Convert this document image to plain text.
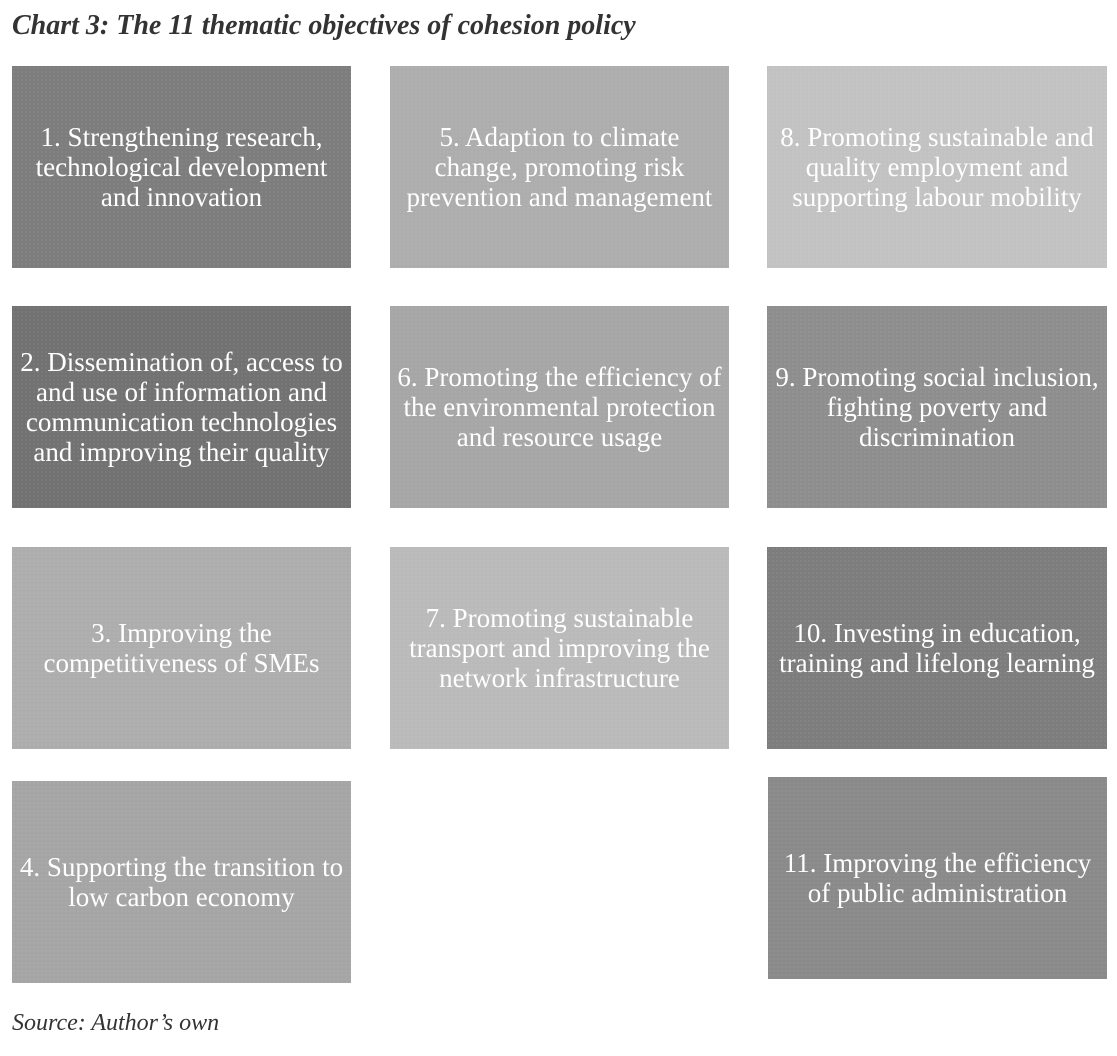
Chart 3: The 11 thematic objectives of cohesion policy
1. Strengthening research, technological development and innovation
2. Dissemination of, access to and use of information and communication technologies and improving their quality
3. Improving the competitiveness of SMEs
4. Supporting the transition to low carbon economy
5. Adaption to climate change, promoting risk prevention and management
6. Promoting the efficiency of the environmental protection and resource usage
7. Promoting sustainable transport and improving the network infrastructure
8. Promoting sustainable and quality employment and supporting labour mobility
9. Promoting social inclusion, fighting poverty and discrimination
10. Investing in education, training and lifelong learning
11. Improving the efficiency of public administration

Source: Author’s own
